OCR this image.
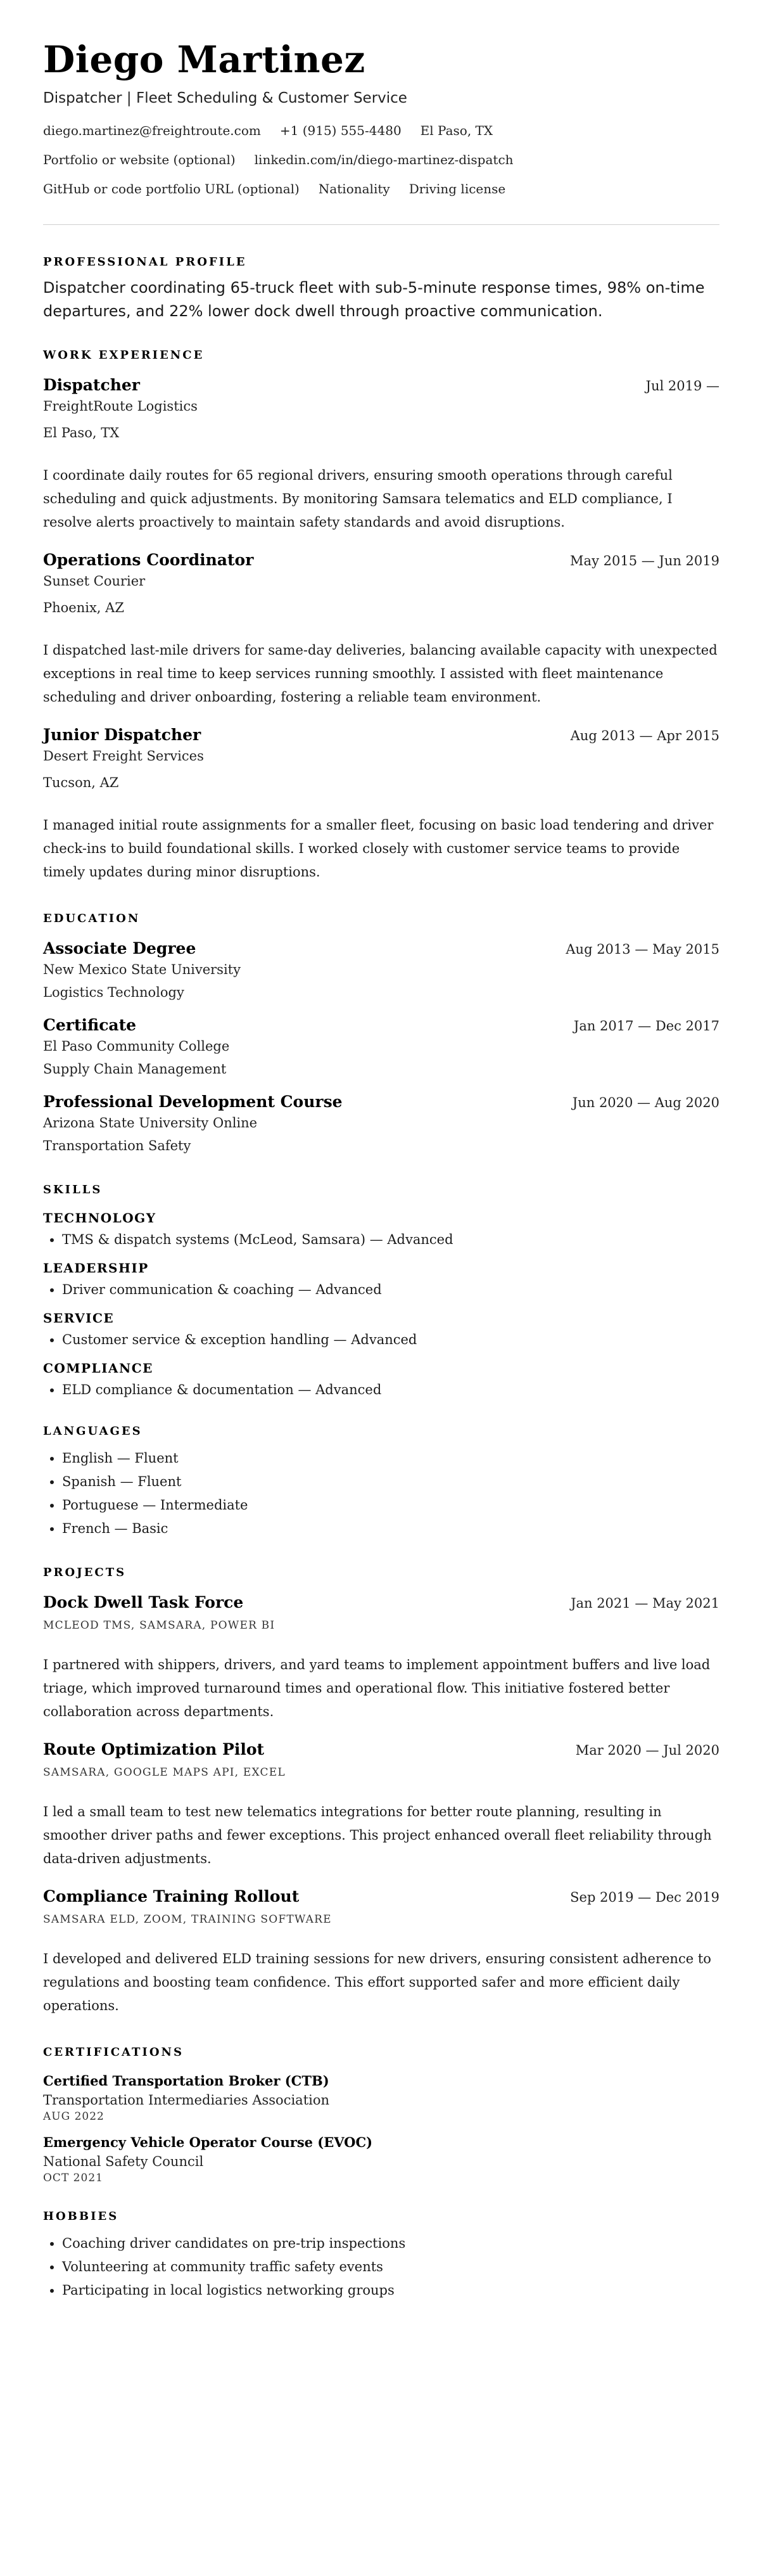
Diego Martinez
Dispatcher | Fleet Scheduling & Customer Service
diego.martinez@freightroute.com +1 (915) 555-4480 El Paso, TX
Portfolio or website (optional) linkedin.com/in/diego-martinez-dispatch
GitHub or code portfolio URL (optional) Nationality Driving license
PROFESSIONAL PROFILE
Dispatcher coordinating 65-truck fleet with sub-5-minute response times, 98% on-time departures, and 22% lower dock dwell through proactive communication.
WORK EXPERIENCE
Dispatcher	Jul 2019 —
FreightRoute Logistics
El Paso, TX
I coordinate daily routes for 65 regional drivers, ensuring smooth operations through careful scheduling and quick adjustments. By monitoring Samsara telematics and ELD compliance, I resolve alerts proactively to maintain safety standards and avoid disruptions.
Operations Coordinator	May 2015 — Jun 2019
Sunset Courier
Phoenix, AZ
I dispatched last-mile drivers for same-day deliveries, balancing available capacity with unexpected exceptions in real time to keep services running smoothly. I assisted with fleet maintenance scheduling and driver onboarding, fostering a reliable team environment.
Junior Dispatcher	Aug 2013 — Apr 2015
Desert Freight Services
Tucson, AZ
I managed initial route assignments for a smaller fleet, focusing on basic load tendering and driver check-ins to build foundational skills. I worked closely with customer service teams to provide timely updates during minor disruptions.
EDUCATION
Associate Degree	Aug 2013 — May 2015
New Mexico State University
Logistics Technology
Certificate	Jan 2017 — Dec 2017
El Paso Community College
Supply Chain Management
Professional Development Course	Jun 2020 — Aug 2020
Arizona State University Online
Transportation Safety
SKILLS
TECHNOLOGY
• TMS & dispatch systems (McLeod, Samsara) — Advanced
LEADERSHIP
• Driver communication & coaching — Advanced
SERVICE
• Customer service & exception handling — Advanced
COMPLIANCE
• ELD compliance & documentation — Advanced
LANGUAGES
• English — Fluent
• Spanish — Fluent
• Portuguese — Intermediate
• French — Basic
PROJECTS
Dock Dwell Task Force	Jan 2021 — May 2021
MCLEOD TMS, SAMSARA, POWER BI
I partnered with shippers, drivers, and yard teams to implement appointment buffers and live load triage, which improved turnaround times and operational flow. This initiative fostered better collaboration across departments.
Route Optimization Pilot	Mar 2020 — Jul 2020
SAMSARA, GOOGLE MAPS API, EXCEL
I led a small team to test new telematics integrations for better route planning, resulting in smoother driver paths and fewer exceptions. This project enhanced overall fleet reliability through data-driven adjustments.
Compliance Training Rollout	Sep 2019 — Dec 2019
SAMSARA ELD, ZOOM, TRAINING SOFTWARE
I developed and delivered ELD training sessions for new drivers, ensuring consistent adherence to regulations and boosting team confidence. This effort supported safer and more efficient daily operations.
CERTIFICATIONS
Certified Transportation Broker (CTB)
Transportation Intermediaries Association
AUG 2022
Emergency Vehicle Operator Course (EVOC)
National Safety Council
OCT 2021
HOBBIES
• Coaching driver candidates on pre-trip inspections
• Volunteering at community traffic safety events
• Participating in local logistics networking groups
